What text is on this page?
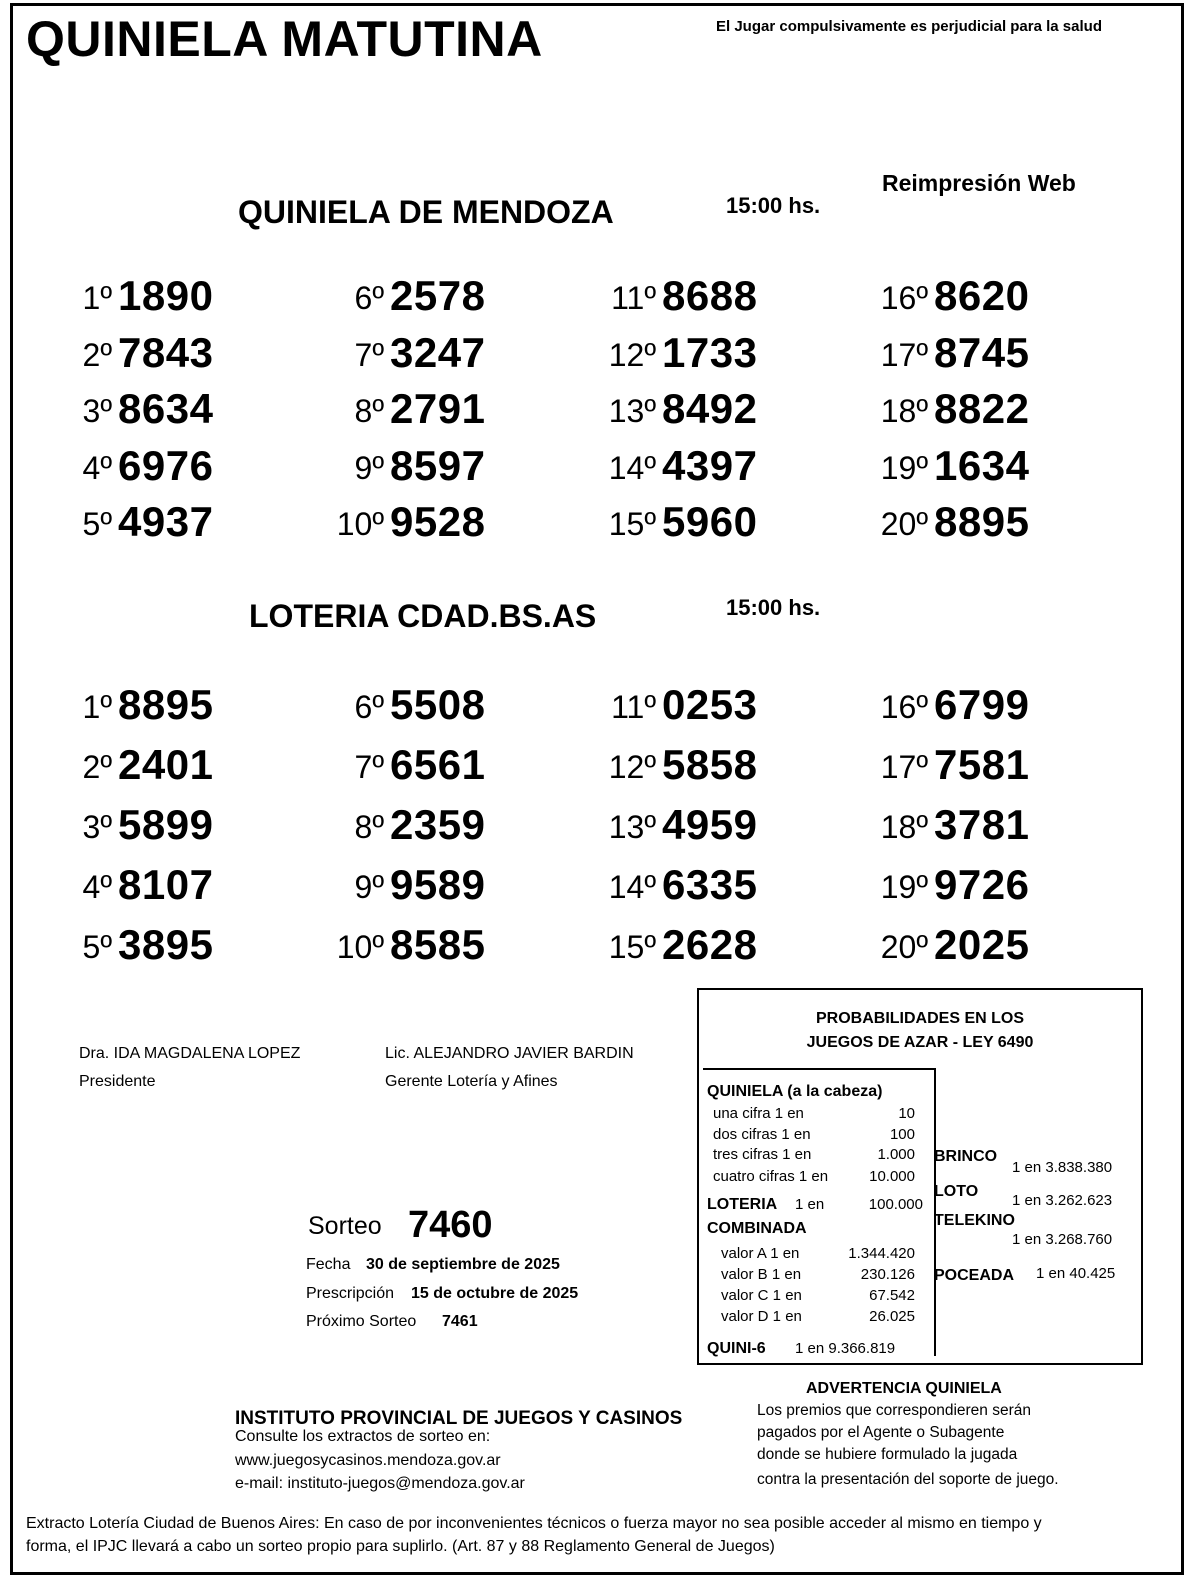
QUINIELA MATUTINA	El Jugar compulsivamente es perjudicial para la salud
Reimpresión Web
QUINIELA DE MENDOZA	15:00 hs.
1º 1890
2º 7843
3º 8634
4º 6976
5º 4937
6º 2578
7º 3247
8º 2791
9º 8597
10º 9528
11º 8688
12º 1733
13º 8492
14º 4397
15º 5960
16º 8620
17º 8745
18º 8822
19º 1634
20º 8895
LOTERIA CDAD.BS.AS	15:00 hs.
1º 8895
2º 2401
3º 5899
4º 8107
5º 3895
6º 5508
7º 6561
8º 2359
9º 9589
10º 8585
11º 0253
12º 5858
13º 4959
14º 6335
15º 2628
16º 6799
17º 7581
18º 3781
19º 9726
20º 2025
Dra. IDA MAGDALENA LOPEZ
Presidente
Lic. ALEJANDRO JAVIER BARDIN
Gerente Lotería y Afines
Sorteo 7460
Fecha 30 de septiembre de 2025
Prescripción 15 de octubre de 2025
Próximo Sorteo 7461
PROBABILIDADES EN LOS
JUEGOS DE AZAR - LEY 6490
QUINIELA (a la cabeza)
una cifra 1 en	10
dos cifras 1 en	100
tres cifras 1 en	1.000
cuatro cifras 1 en	10.000
LOTERIA 1 en	100.000
COMBINADA
valor A 1 en	1.344.420
valor B 1 en	230.126
valor C 1 en	67.542
valor D 1 en	26.025
QUINI-6 1 en 9.366.819
BRINCO
1 en 3.838.380
LOTO
1 en 3.262.623
TELEKINO
1 en 3.268.760
POCEADA 1 en 40.425
INSTITUTO PROVINCIAL DE JUEGOS Y CASINOS
Consulte los extractos de sorteo en:
www.juegosycasinos.mendoza.gov.ar
e-mail: instituto-juegos@mendoza.gov.ar
ADVERTENCIA QUINIELA
Los premios que correspondieren serán
pagados por el Agente o Subagente
donde se hubiere formulado la jugada
contra la presentación del soporte de juego.
Extracto Lotería Ciudad de Buenos Aires: En caso de por inconvenientes técnicos o fuerza mayor no sea posible acceder al mismo en tiempo y
forma, el IPJC llevará a cabo un sorteo propio para suplirlo. (Art. 87 y 88 Reglamento General de Juegos)
